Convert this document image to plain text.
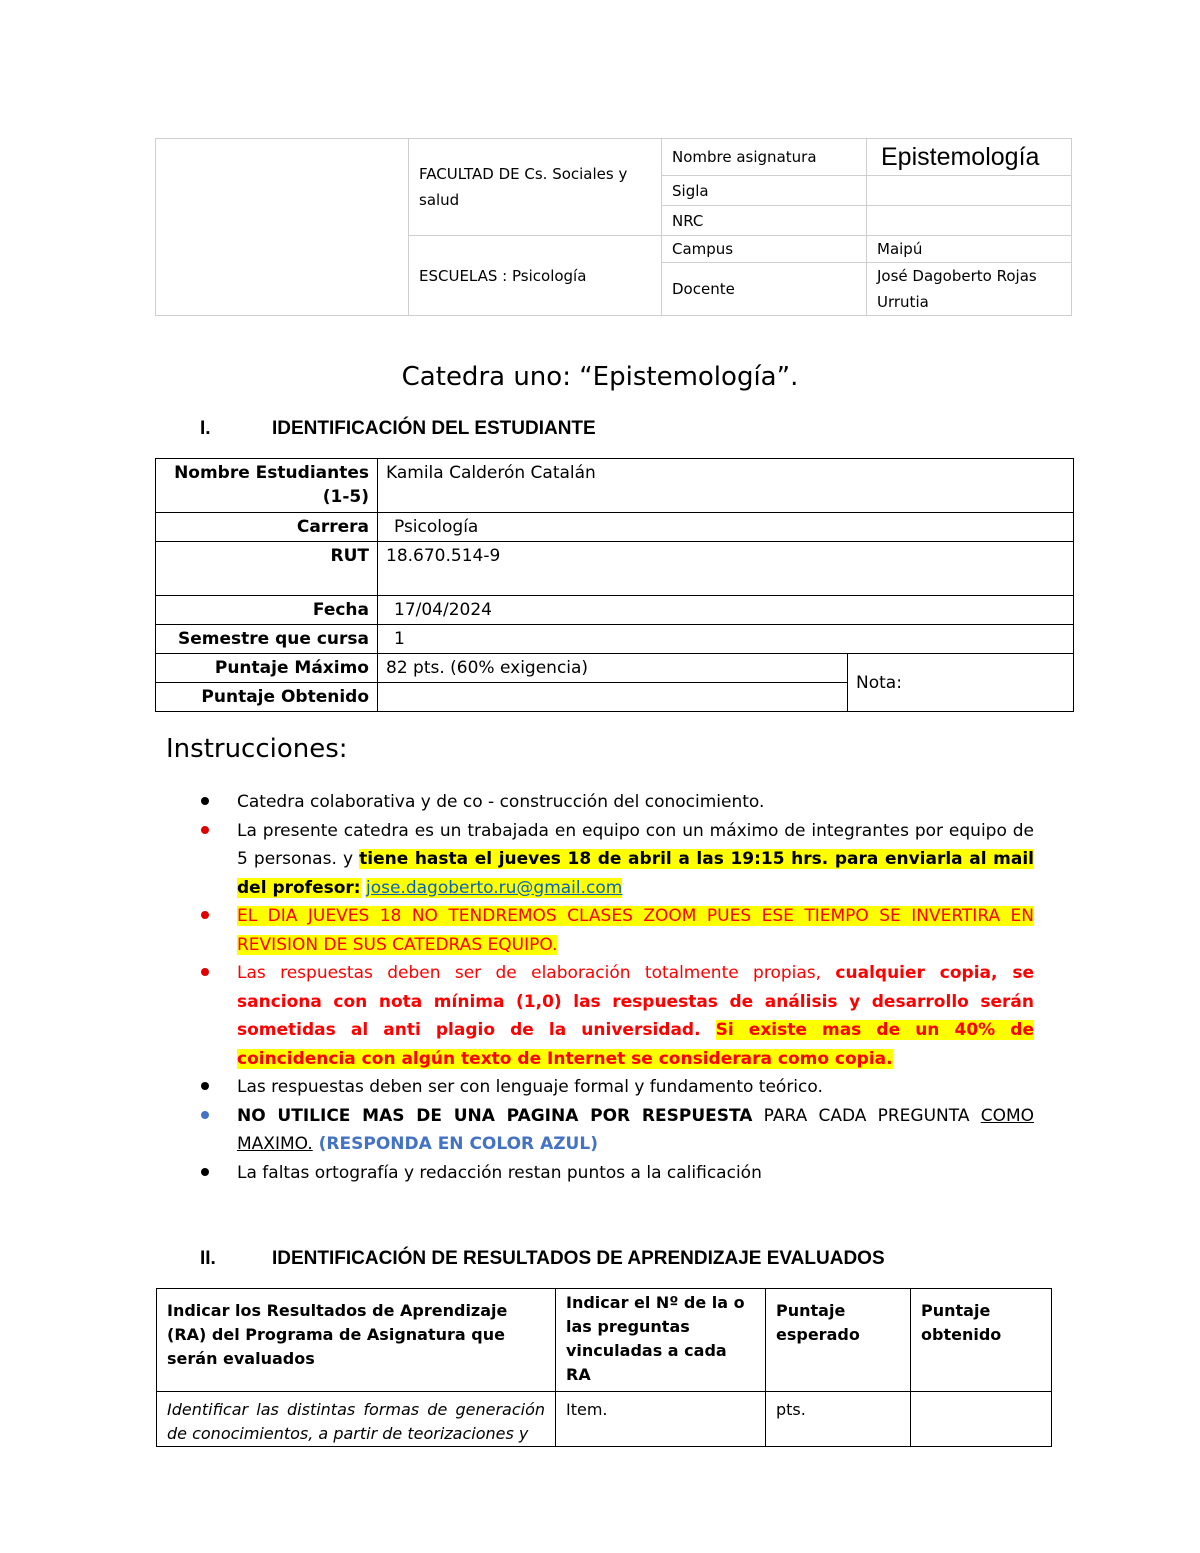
	FACULTAD DE Cs. Sociales y salud	Nombre asignatura	Epistemología
		Sigla	
		NRC	
	ESCUELAS : Psicología	Campus	Maipú
		Docente	José Dagoberto Rojas Urrutia
Catedra uno: “Epistemología”.
I.	IDENTIFICACIÓN DEL ESTUDIANTE
Nombre Estudiantes (1-5)	Kamila Calderón Catalán	
Carrera	Psicología	
RUT	18.670.514-9	
Fecha	17/04/2024	
Semestre que cursa	1	
Puntaje Máximo	82 pts. (60% exigencia)	Nota:
Puntaje Obtenido		
Instrucciones:
Catedra colaborativa y de co - construcción del conocimiento.
La presente catedra es un trabajada en equipo con un máximo de integrantes por equipo de 5 personas. y tiene hasta el jueves 18 de abril a las 19:15 hrs. para enviarla al mail del profesor: jose.dagoberto.ru@gmail.com
EL DIA JUEVES 18 NO TENDREMOS CLASES ZOOM PUES ESE TIEMPO SE INVERTIRA EN REVISION DE SUS CATEDRAS EQUIPO.
Las respuestas deben ser de elaboración totalmente propias, cualquier copia, se sanciona con nota mínima (1,0) las respuestas de análisis y desarrollo serán sometidas al anti plagio de la universidad. Si existe mas de un 40% de coincidencia con algún texto de Internet se considerara como copia.
Las respuestas deben ser con lenguaje formal y fundamento teórico.
NO UTILICE MAS DE UNA PAGINA POR RESPUESTA PARA CADA PREGUNTA COMO MAXIMO. (RESPONDA EN COLOR AZUL)
La faltas ortografía y redacción restan puntos a la calificación
II.	IDENTIFICACIÓN DE RESULTADOS DE APRENDIZAJE EVALUADOS
Indicar los Resultados de Aprendizaje (RA) del Programa de Asignatura que serán evaluados	Indicar el Nº de la o las preguntas vinculadas a cada RA	Puntaje esperado	Puntaje obtenido
Identificar las distintas formas de generación de conocimientos, a partir de teorizaciones y	Item.	pts.	
